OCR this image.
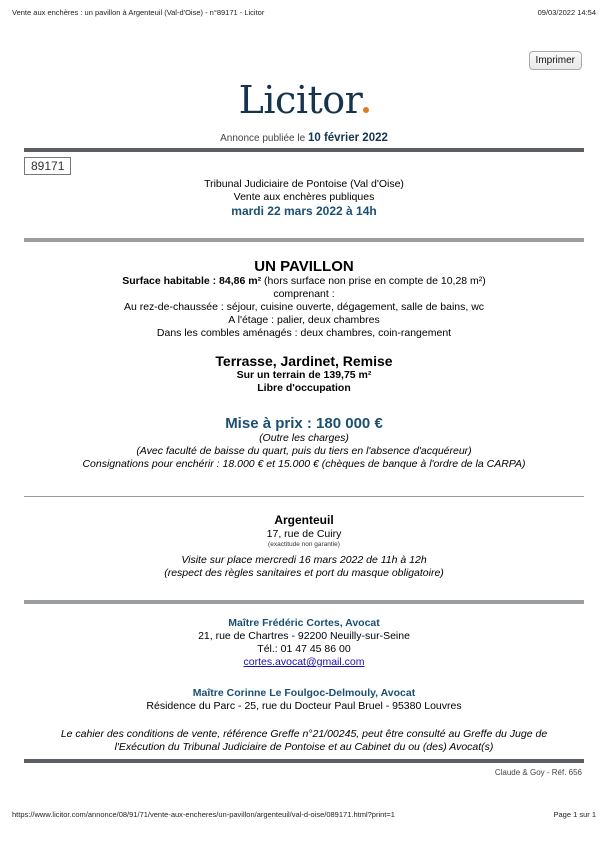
Vente aux enchères : un pavillon à Argenteuil (Val-d'Oise) - n°89171 - Licitor	09/03/2022 14:54
Imprimer
Licitor
Annonce publiée le 10 février 2022
89171
Tribunal Judiciaire de Pontoise (Val d'Oise)
Vente aux enchères publiques
mardi 22 mars 2022 à 14h
UN PAVILLON
Surface habitable : 84,86 m² (hors surface non prise en compte de 10,28 m²)
comprenant :
Au rez-de-chaussée : séjour, cuisine ouverte, dégagement, salle de bains, wc
A l'étage : palier, deux chambres
Dans les combles aménagés : deux chambres, coin-rangement
Terrasse, Jardinet, Remise
Sur un terrain de 139,75 m²
Libre d'occupation
Mise à prix : 180 000 €
(Outre les charges)
(Avec faculté de baisse du quart, puis du tiers en l'absence d'acquéreur)
Consignations pour enchérir : 18.000 € et 15.000 € (chèques de banque à l'ordre de la CARPA)
Argenteuil
17, rue de Cuiry
(exactitude non garantie)
Visite sur place mercredi 16 mars 2022 de 11h à 12h
(respect des règles sanitaires et port du masque obligatoire)
Maître Frédéric Cortes, Avocat
21, rue de Chartres - 92200 Neuilly-sur-Seine
Tél.: 01 47 45 86 00
cortes.avocat@gmail.com
Maître Corinne Le Foulgoc-Delmouly, Avocat
Résidence du Parc - 25, rue du Docteur Paul Bruel - 95380 Louvres
Le cahier des conditions de vente, référence Greffe n°21/00245, peut être consulté au Greffe du Juge de
l'Exécution du Tribunal Judiciaire de Pontoise et au Cabinet du ou (des) Avocat(s)
Claude & Goy - Réf. 656
https://www.licitor.com/annonce/08/91/71/vente-aux-encheres/un-pavillon/argenteuil/val-d-oise/089171.html?print=1	Page 1 sur 1
